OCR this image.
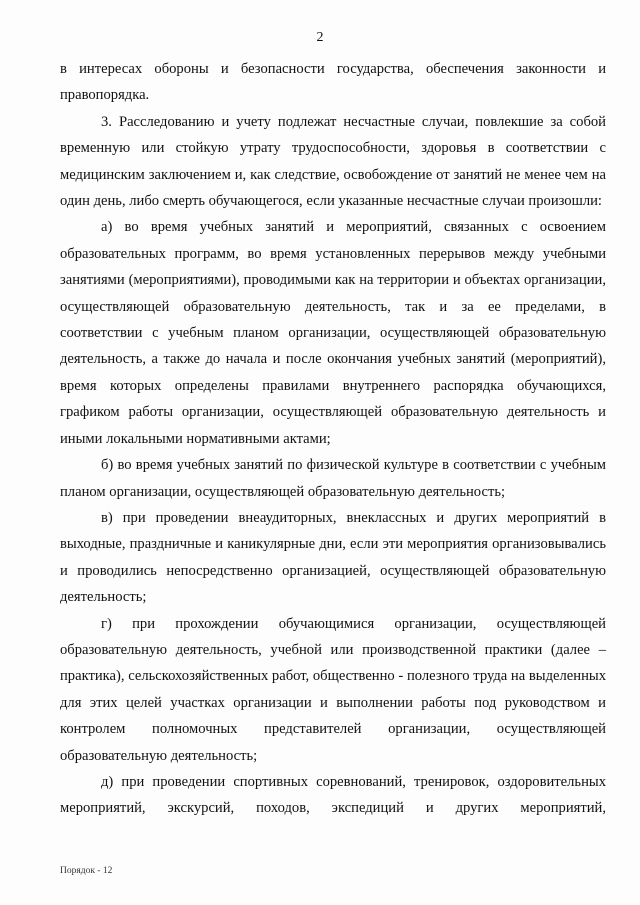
2

в интересах обороны и безопасности государства, обеспечения законности и правопорядка.

3. Расследованию и учету подлежат несчастные случаи, повлекшие за собой временную или стойкую утрату трудоспособности, здоровья в соответствии с медицинским заключением и, как следствие, освобождение от занятий не менее чем на один день, либо смерть обучающегося, если указанные несчастные случаи произошли:

а) во время учебных занятий и мероприятий, связанных с освоением образовательных программ, во время установленных перерывов между учебными занятиями (мероприятиями), проводимыми как на территории и объектах организации, осуществляющей образовательную деятельность, так и за ее пределами, в соответствии с учебным планом организации, осуществляющей образовательную деятельность, а также до начала и после окончания учебных занятий (мероприятий), время которых определены правилами внутреннего распорядка обучающихся, графиком работы организации, осуществляющей образовательную деятельность и иными локальными нормативными актами;

б) во время учебных занятий по физической культуре в соответствии с учебным планом организации, осуществляющей образовательную деятельность;

в) при проведении внеаудиторных, внеклассных и других мероприятий в выходные, праздничные и каникулярные дни, если эти мероприятия организовывались и проводились непосредственно организацией, осуществляющей образовательную деятельность;

г) при прохождении обучающимися организации, осуществляющей образовательную деятельность, учебной или производственной практики (далее – практика), сельскохозяйственных работ, общественно - полезного труда на выделенных для этих целей участках организации и выполнении работы под руководством и контролем полномочных представителей организации, осуществляющей образовательную деятельность;

д) при проведении спортивных соревнований, тренировок, оздоровительных мероприятий, экскурсий, походов, экспедиций и других мероприятий,

Порядок - 12
